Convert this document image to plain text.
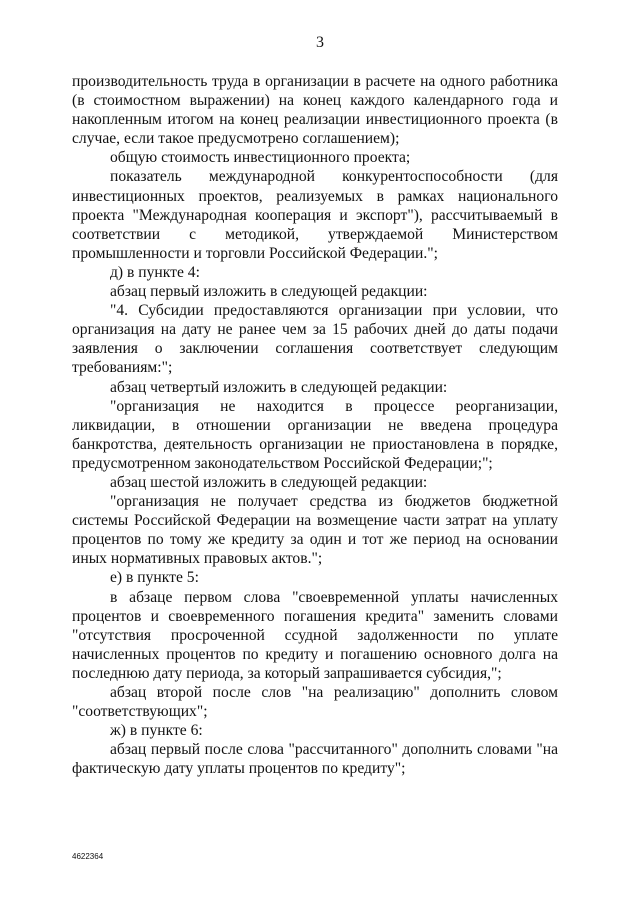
3

производительность труда в организации в расчете на одного работника (в стоимостном выражении) на конец каждого календарного года и накопленным итогом на конец реализации инвестиционного проекта (в случае, если такое предусмотрено соглашением);

общую стоимость инвестиционного проекта;

показатель международной конкурентоспособности (для инвестиционных проектов, реализуемых в рамках национального проекта "Международная кооперация и экспорт"), рассчитываемый в соответствии с методикой, утверждаемой Министерством промышленности и торговли Российской Федерации.";

д) в пункте 4:

абзац первый изложить в следующей редакции:

"4. Субсидии предоставляются организации при условии, что организация на дату не ранее чем за 15 рабочих дней до даты подачи заявления о заключении соглашения соответствует следующим требованиям:";

абзац четвертый изложить в следующей редакции:

"организация не находится в процессе реорганизации, ликвидации, в отношении организации не введена процедура банкротства, деятельность организации не приостановлена в порядке, предусмотренном законодательством Российской Федерации;";

абзац шестой изложить в следующей редакции:

"организация не получает средства из бюджетов бюджетной системы Российской Федерации на возмещение части затрат на уплату процентов по тому же кредиту за один и тот же период на основании иных нормативных правовых актов.";

е) в пункте 5:

в абзаце первом слова "своевременной уплаты начисленных процентов и своевременного погашения кредита" заменить словами "отсутствия просроченной ссудной задолженности по уплате начисленных процентов по кредиту и погашению основного долга на последнюю дату периода, за который запрашивается субсидия,";

абзац второй после слов "на реализацию" дополнить словом "соответствующих";

ж) в пункте 6:

абзац первый после слова "рассчитанного" дополнить словами "на фактическую дату уплаты процентов по кредиту";

4622364
